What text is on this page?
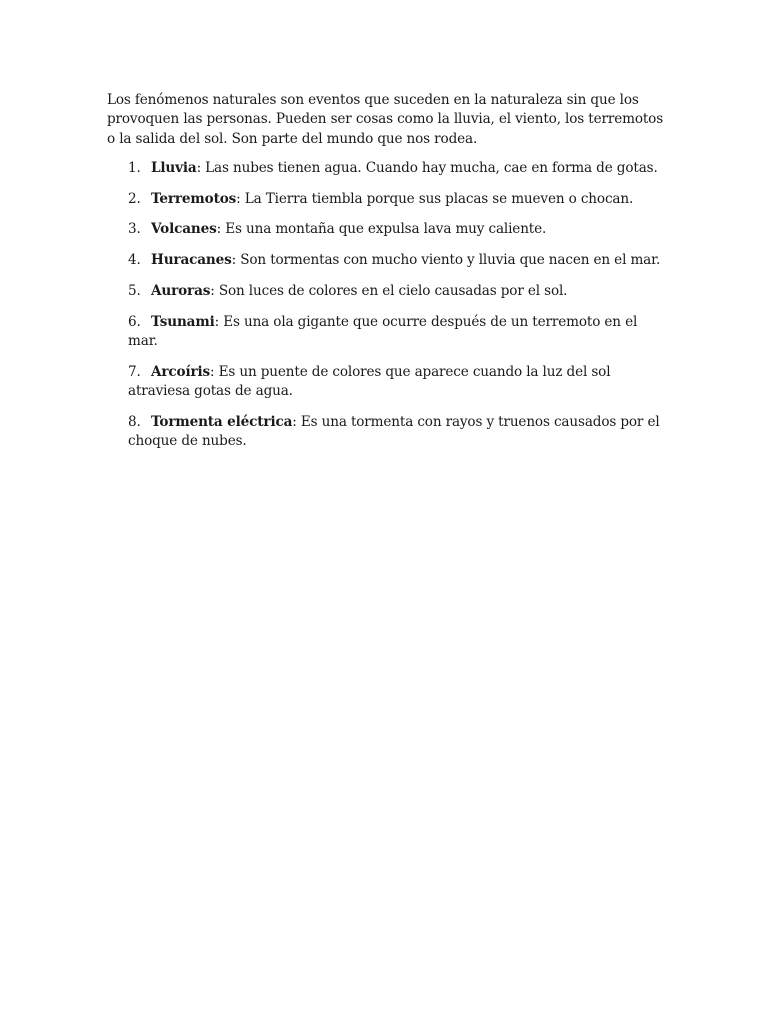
Los fenómenos naturales son eventos que suceden en la naturaleza sin que los provoquen las personas. Pueden ser cosas como la lluvia, el viento, los terremotos o la salida del sol. Son parte del mundo que nos rodea.

1. Lluvia: Las nubes tienen agua. Cuando hay mucha, cae en forma de gotas.
2. Terremotos: La Tierra tiembla porque sus placas se mueven o chocan.
3. Volcanes: Es una montaña que expulsa lava muy caliente.
4. Huracanes: Son tormentas con mucho viento y lluvia que nacen en el mar.
5. Auroras: Son luces de colores en el cielo causadas por el sol.
6. Tsunami: Es una ola gigante que ocurre después de un terremoto en el mar.
7. Arcoíris: Es un puente de colores que aparece cuando la luz del sol atraviesa gotas de agua.
8. Tormenta eléctrica: Es una tormenta con rayos y truenos causados por el choque de nubes.
